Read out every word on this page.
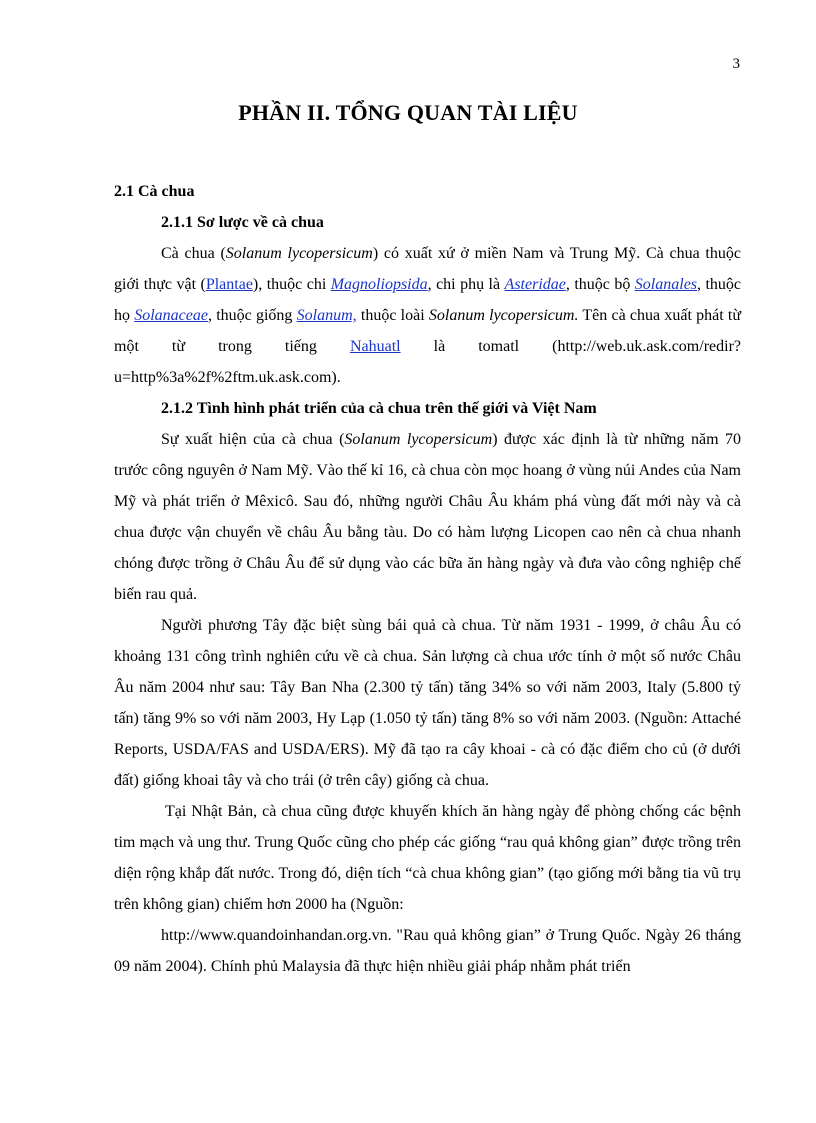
3
PHẦN II. TỔNG QUAN TÀI LIỆU

2.1 Cà chua

2.1.1 Sơ lược về cà chua

Cà chua (Solanum lycopersicum) có xuất xứ ở miền Nam và Trung Mỹ. Cà chua thuộc giới thực vật (Plantae), thuộc chi Magnoliopsida, chi phụ là Asteridae, thuộc bộ Solanales, thuộc họ Solanaceae, thuộc giống Solanum, thuộc loài Solanum lycopersicum. Tên cà chua xuất phát từ một từ trong tiếng Nahuatl là tomatl (http://web.uk.ask.com/redir?u=http%3a%2f%2ftm.uk.ask.com).

2.1.2 Tình hình phát triển của cà chua trên thế giới và Việt Nam

Sự xuất hiện của cà chua (Solanum lycopersicum) được xác định là từ những năm 70 trước công nguyên ở Nam Mỹ. Vào thế kỉ 16, cà chua còn mọc hoang ở vùng núi Andes của Nam Mỹ và phát triển ở Mêxicô. Sau đó, những người Châu Âu khám phá vùng đất mới này và cà chua được vận chuyển về châu Âu bằng tàu. Do có hàm lượng Licopen cao nên cà chua nhanh chóng được trồng ở Châu Âu để sử dụng vào các bữa ăn hàng ngày và đưa vào công nghiệp chế biến rau quả.

Người phương Tây đặc biệt sùng bái quả cà chua. Từ năm 1931 - 1999, ở châu Âu có khoảng 131 công trình nghiên cứu về cà chua. Sản lượng cà chua ước tính ở một số nước Châu Âu năm 2004 như sau: Tây Ban Nha (2.300 tỷ tấn) tăng 34% so với năm 2003, Italy (5.800 tỷ tấn) tăng 9% so với năm 2003, Hy Lạp (1.050 tỷ tấn) tăng 8% so với năm 2003. (Nguồn: Attaché Reports, USDA/FAS and USDA/ERS). Mỹ đã tạo ra cây khoai - cà có đặc điểm cho củ (ở dưới đất) giống khoai tây và cho trái (ở trên cây) giống cà chua.

Tại Nhật Bản, cà chua cũng được khuyến khích ăn hàng ngày để phòng chống các bệnh tim mạch và ung thư. Trung Quốc cũng cho phép các giống “rau quả không gian” được trồng trên diện rộng khắp đất nước. Trong đó, diện tích “cà chua không gian” (tạo giống mới bằng tia vũ trụ trên không gian) chiếm hơn 2000 ha (Nguồn:

http://www.quandoinhandan.org.vn. "Rau quả không gian” ở Trung Quốc. Ngày 26 tháng 09 năm 2004). Chính phủ Malaysia đã thực hiện nhiều giải pháp nhằm phát triển
